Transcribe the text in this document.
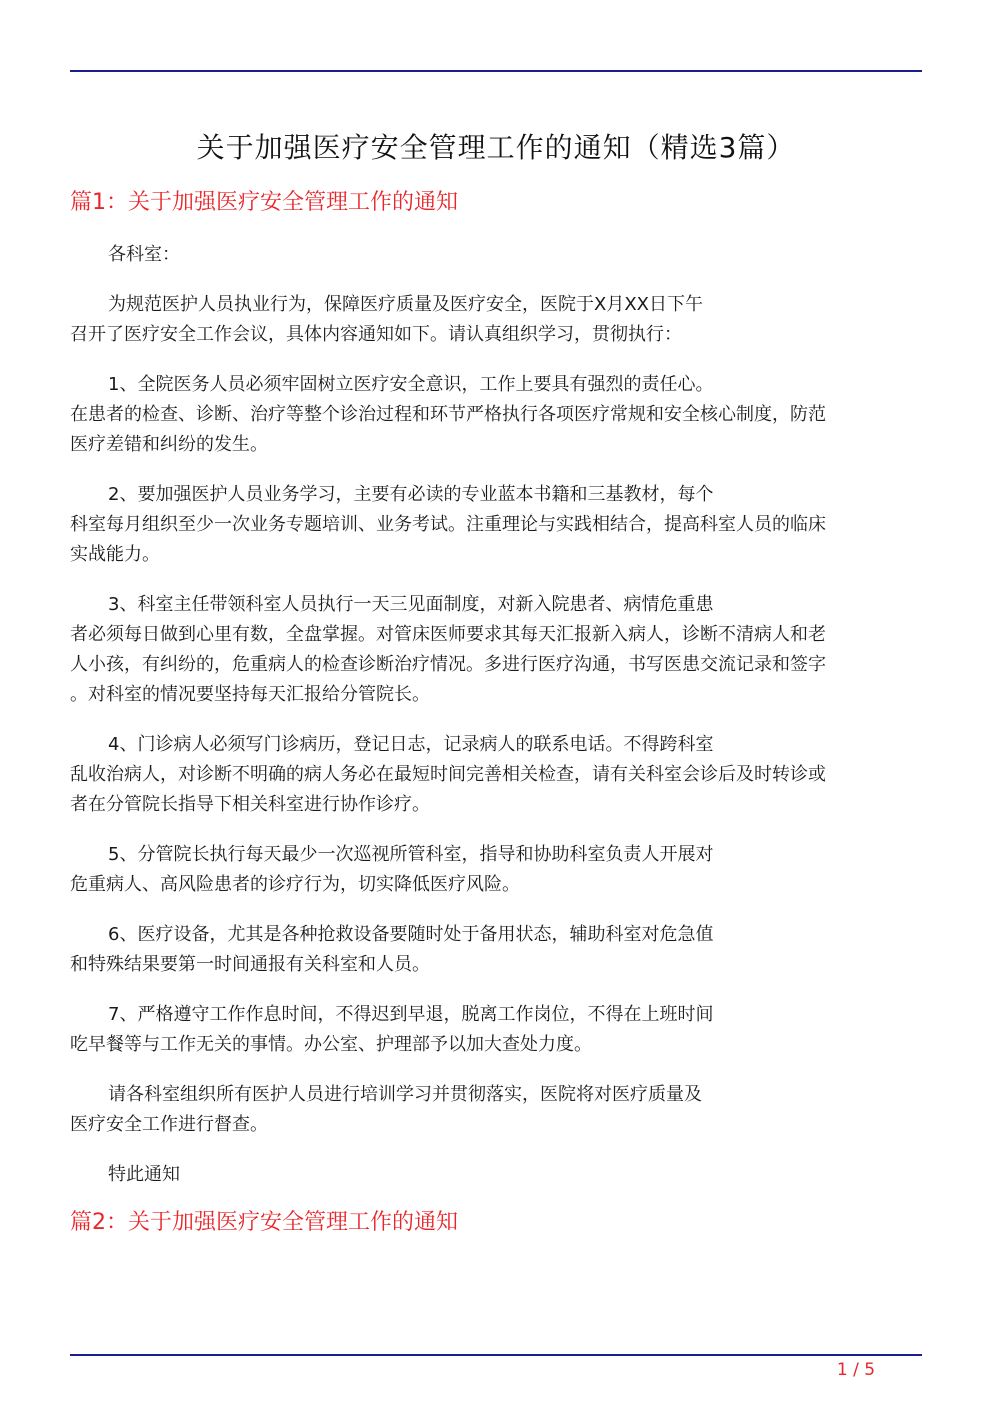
关于加强医疗安全管理工作的通知（精选3篇）
篇1：关于加强医疗安全管理工作的通知
各科室：
为规范医护人员执业行为，保障医疗质量及医疗安全，医院于X月XX日下午
召开了医疗安全工作会议，具体内容通知如下。请认真组织学习，贯彻执行：
1、全院医务人员必须牢固树立医疗安全意识，工作上要具有强烈的责任心。
在患者的检查、诊断、治疗等整个诊治过程和环节严格执行各项医疗常规和安全核心制度，防范
医疗差错和纠纷的发生。
2、要加强医护人员业务学习，主要有必读的专业蓝本书籍和三基教材，每个
科室每月组织至少一次业务专题培训、业务考试。注重理论与实践相结合，提高科室人员的临床
实战能力。
3、科室主任带领科室人员执行一天三见面制度，对新入院患者、病情危重患
者必须每日做到心里有数，全盘掌握。对管床医师要求其每天汇报新入病人，诊断不清病人和老
人小孩，有纠纷的，危重病人的检查诊断治疗情况。多进行医疗沟通，书写医患交流记录和签字
。对科室的情况要坚持每天汇报给分管院长。
4、门诊病人必须写门诊病历，登记日志，记录病人的联系电话。不得跨科室
乱收治病人，对诊断不明确的病人务必在最短时间完善相关检查，请有关科室会诊后及时转诊或
者在分管院长指导下相关科室进行协作诊疗。
5、分管院长执行每天最少一次巡视所管科室，指导和协助科室负责人开展对
危重病人、高风险患者的诊疗行为，切实降低医疗风险。
6、医疗设备，尤其是各种抢救设备要随时处于备用状态，辅助科室对危急值
和特殊结果要第一时间通报有关科室和人员。
7、严格遵守工作作息时间，不得迟到早退，脱离工作岗位，不得在上班时间
吃早餐等与工作无关的事情。办公室、护理部予以加大查处力度。
请各科室组织所有医护人员进行培训学习并贯彻落实，医院将对医疗质量及
医疗安全工作进行督查。
特此通知
篇2：关于加强医疗安全管理工作的通知
1 / 5
